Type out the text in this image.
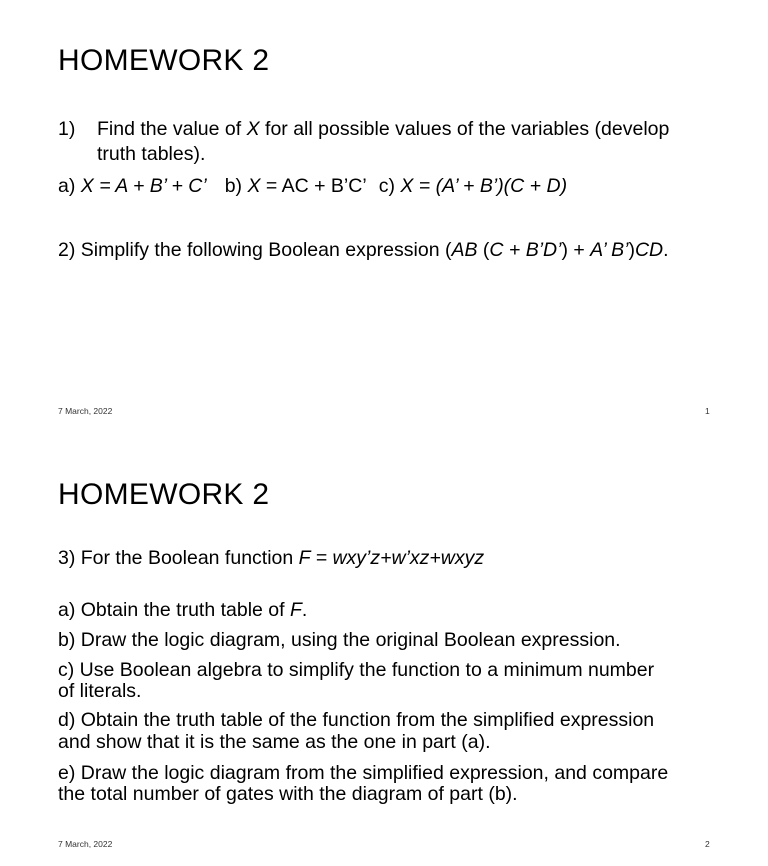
HOMEWORK 2
1) Find the value of X for all possible values of the variables (develop
truth tables).
a) X = A + B’ + C’ b) X = AC + B’C’ c) X = (A’ + B’)(C + D)
2) Simplify the following Boolean expression (AB (C + B’D’) + A’ B’)CD.
7 March, 2022	1
HOMEWORK 2
3) For the Boolean function F = wxy’z+w’xz+wxyz
a) Obtain the truth table of F.
b) Draw the logic diagram, using the original Boolean expression.
c) Use Boolean algebra to simplify the function to a minimum number
of literals.
d) Obtain the truth table of the function from the simplified expression
and show that it is the same as the one in part (a).
e) Draw the logic diagram from the simplified expression, and compare
the total number of gates with the diagram of part (b).
7 March, 2022	2
